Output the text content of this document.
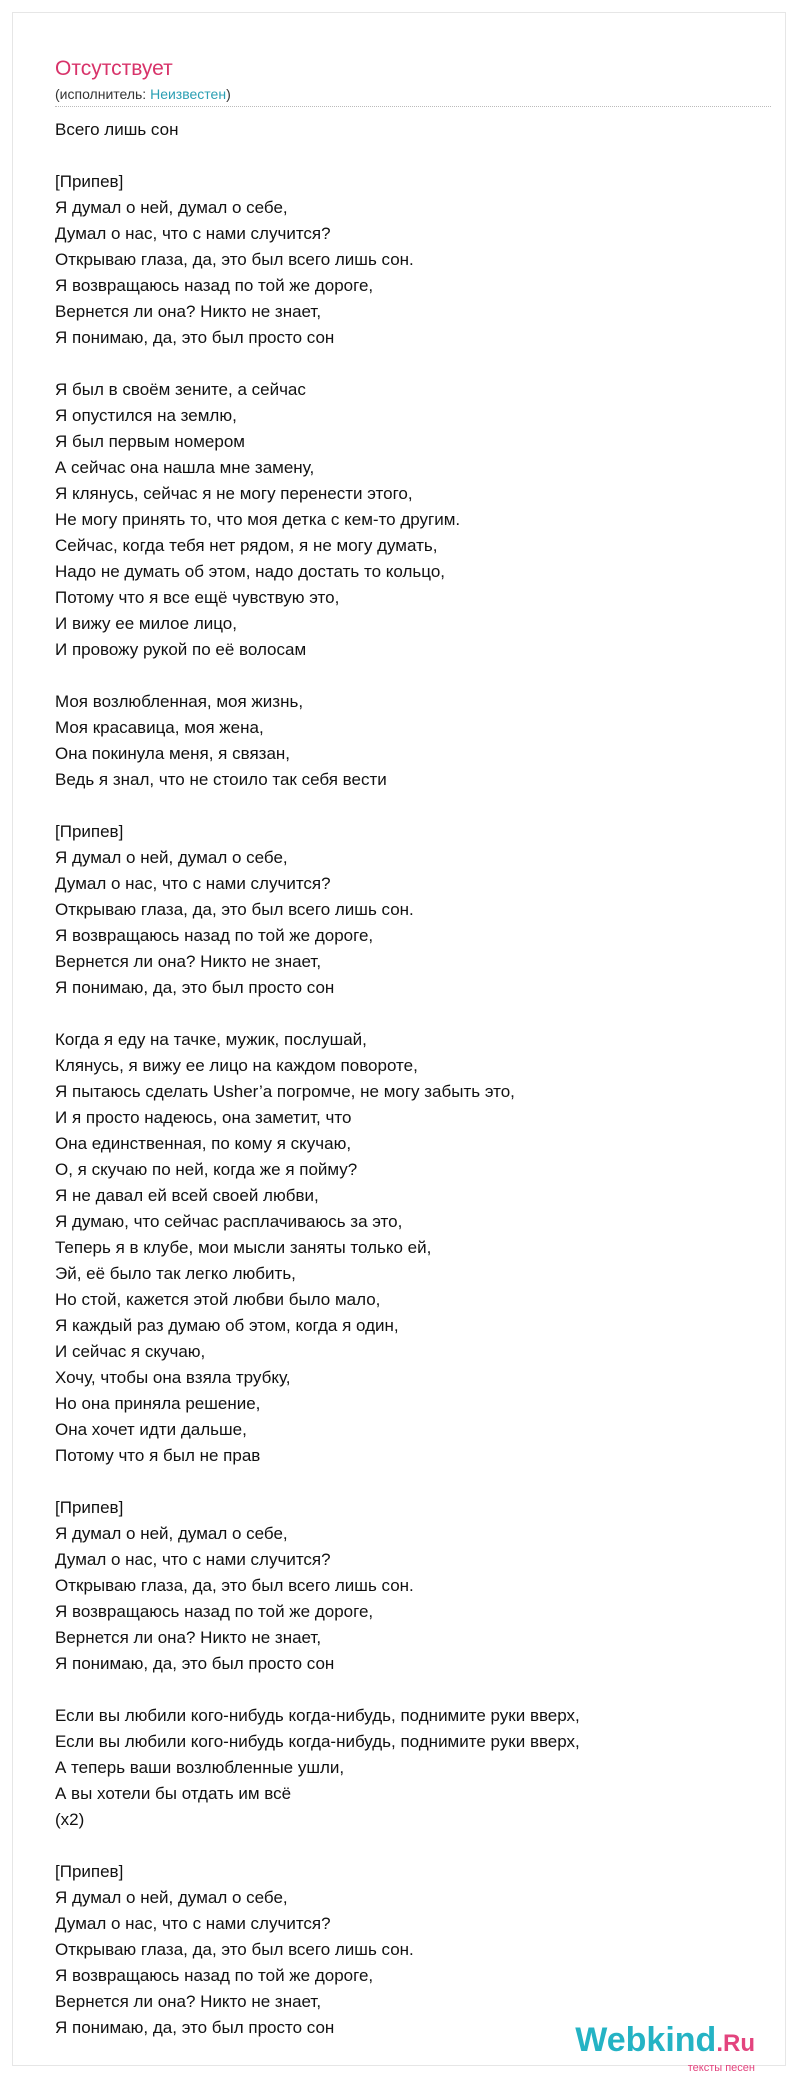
Отсутствует
(исполнитель: Неизвестен)
Всего лишь сон
[Припев]
Я думал о ней, думал о себе,
Думал о нас, что с нами случится?
Открываю глаза, да, это был всего лишь сон.
Я возвращаюсь назад по той же дороге,
Вернется ли она? Никто не знает,
Я понимаю, да, это был просто сон
Я был в своём зените, а сейчас
Я опустился на землю,
Я был первым номером
А сейчас она нашла мне замену,
Я клянусь, сейчас я не могу перенести этого,
Не могу принять то, что моя детка с кем-то другим.
Сейчас, когда тебя нет рядом, я не могу думать,
Надо не думать об этом, надо достать то кольцо,
Потому что я все ещё чувствую это,
И вижу ее милое лицо,
И провожу рукой по её волосам
Моя возлюбленная, моя жизнь,
Моя красавица, моя жена,
Она покинула меня, я связан,
Ведь я знал, что не стоило так себя вести
[Припев]
Я думал о ней, думал о себе,
Думал о нас, что с нами случится?
Открываю глаза, да, это был всего лишь сон.
Я возвращаюсь назад по той же дороге,
Вернется ли она? Никто не знает,
Я понимаю, да, это был просто сон
Когда я еду на тачке, мужик, послушай,
Клянусь, я вижу ее лицо на каждом повороте,
Я пытаюсь сделать Usher’a погромче, не могу забыть это,
И я просто надеюсь, она заметит, что
Она единственная, по кому я скучаю,
О, я скучаю по ней, когда же я пойму?
Я не давал ей всей своей любви,
Я думаю, что сейчас расплачиваюсь за это,
Теперь я в клубе, мои мысли заняты только ей,
Эй, её было так легко любить,
Но стой, кажется этой любви было мало,
Я каждый раз думаю об этом, когда я один,
И сейчас я скучаю,
Хочу, чтобы она взяла трубку,
Но она приняла решение,
Она хочет идти дальше,
Потому что я был не прав
[Припев]
Я думал о ней, думал о себе,
Думал о нас, что с нами случится?
Открываю глаза, да, это был всего лишь сон.
Я возвращаюсь назад по той же дороге,
Вернется ли она? Никто не знает,
Я понимаю, да, это был просто сон
Если вы любили кого-нибудь когда-нибудь, поднимите руки вверх,
Если вы любили кого-нибудь когда-нибудь, поднимите руки вверх,
А теперь ваши возлюбленные ушли,
А вы хотели бы отдать им всё
(x2)
[Припев]
Я думал о ней, думал о себе,
Думал о нас, что с нами случится?
Открываю глаза, да, это был всего лишь сон.
Я возвращаюсь назад по той же дороге,
Вернется ли она? Никто не знает,
Я понимаю, да, это был просто сон	Webkind.Ru
тексты песен
